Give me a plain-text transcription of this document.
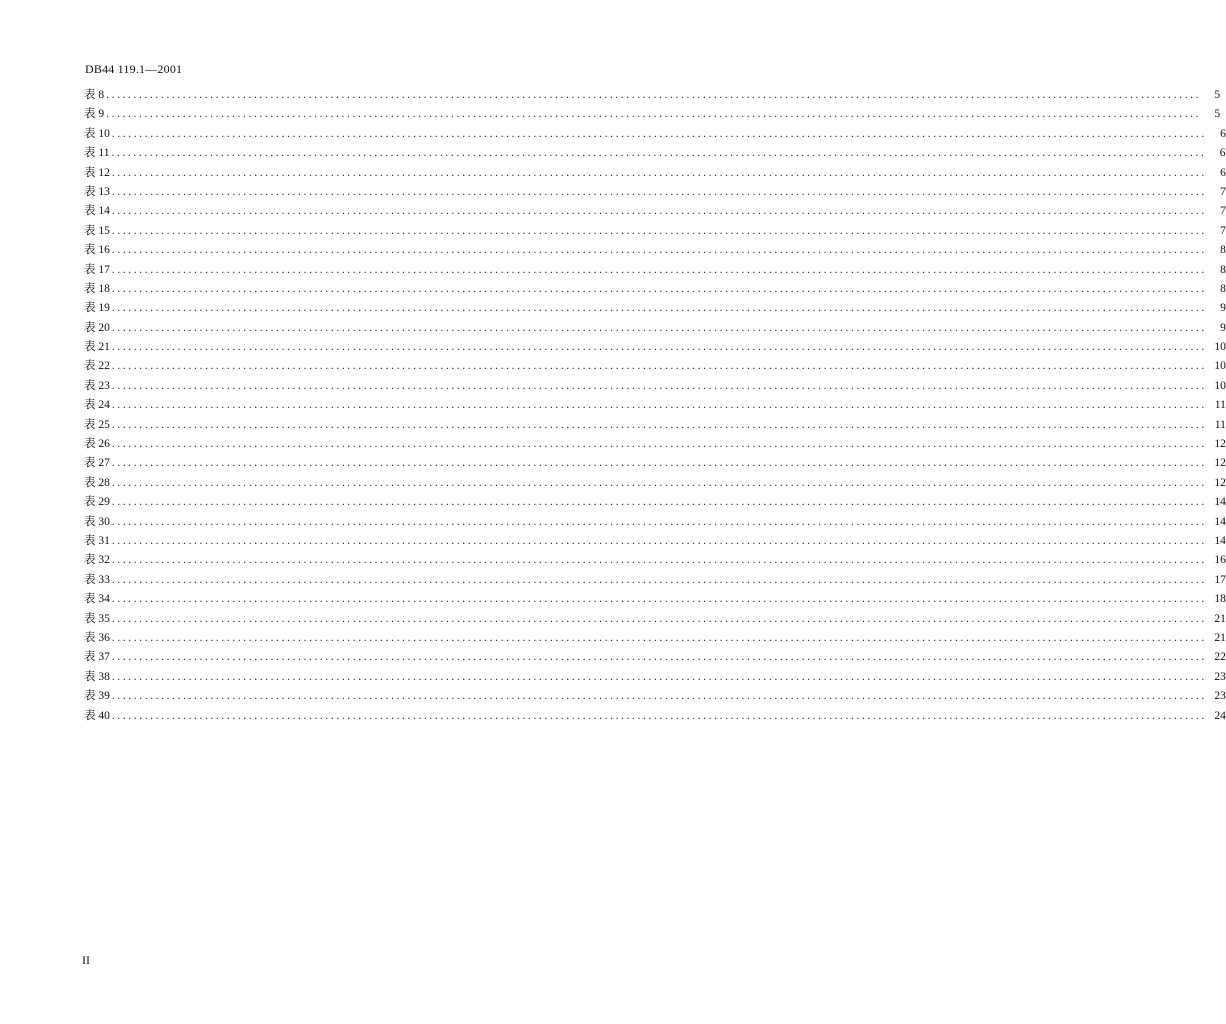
DB44 119.1—2001
表 8 ........................................................................................................................................................................................................	5
表 9 ........................................................................................................................................................................................................	5
表 10 ........................................................................................................................................................................................................	6
表 11 ........................................................................................................................................................................................................	6
表 12 ........................................................................................................................................................................................................	6
表 13 ........................................................................................................................................................................................................	7
表 14 ........................................................................................................................................................................................................	7
表 15 ........................................................................................................................................................................................................	7
表 16 ........................................................................................................................................................................................................	8
表 17 ........................................................................................................................................................................................................	8
表 18 ........................................................................................................................................................................................................	8
表 19 ........................................................................................................................................................................................................	9
表 20 ........................................................................................................................................................................................................	9
表 21 ........................................................................................................................................................................................................ 10
表 22 ........................................................................................................................................................................................................ 10
表 23 ........................................................................................................................................................................................................ 10
表 24 ........................................................................................................................................................................................................ 11
表 25 ........................................................................................................................................................................................................ 11
表 26 ........................................................................................................................................................................................................ 12
表 27 ........................................................................................................................................................................................................ 12
表 28 ........................................................................................................................................................................................................ 12
表 29 ........................................................................................................................................................................................................ 14
表 30 ........................................................................................................................................................................................................ 14
表 31 ........................................................................................................................................................................................................ 14
表 32 ........................................................................................................................................................................................................ 16
表 33 ........................................................................................................................................................................................................ 17
表 34 ........................................................................................................................................................................................................ 18
表 35 ........................................................................................................................................................................................................ 21
表 36 ........................................................................................................................................................................................................ 21
表 37 ........................................................................................................................................................................................................ 22
表 38 ........................................................................................................................................................................................................ 23
表 39 ........................................................................................................................................................................................................ 23
表 40 ........................................................................................................................................................................................................ 24
II
